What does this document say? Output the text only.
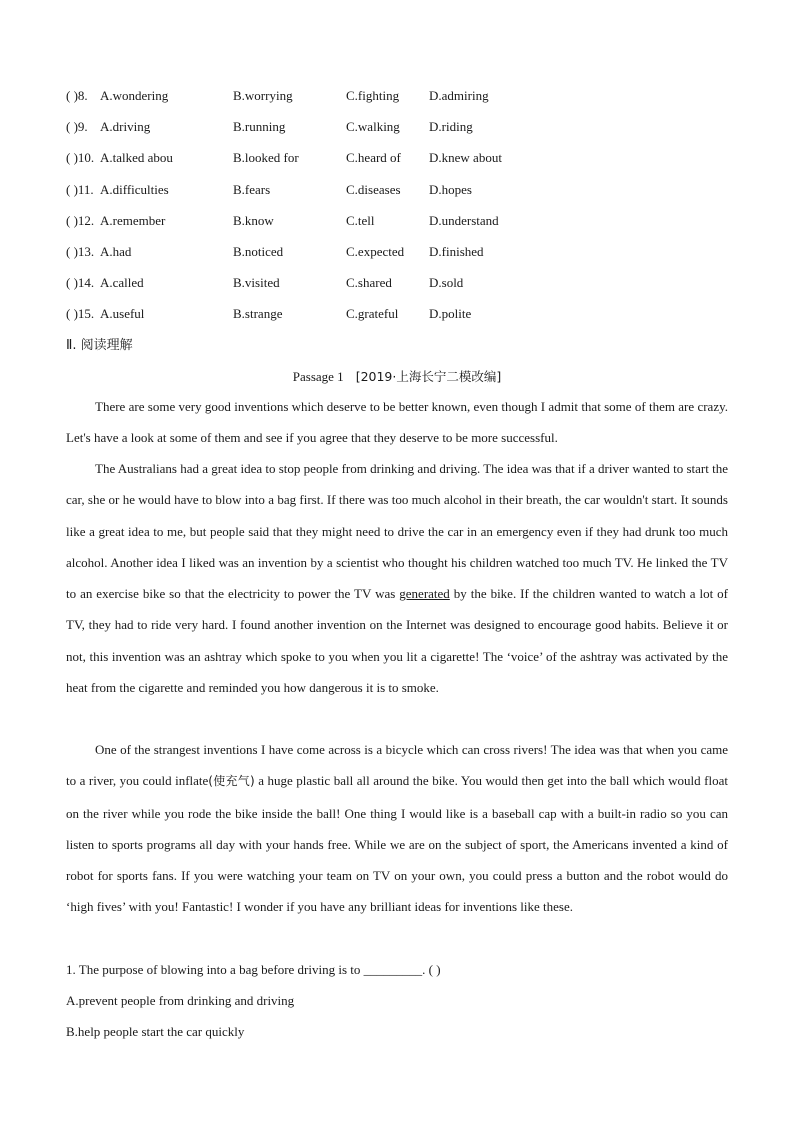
( )8. A.wondering	B.worrying	C.fighting D.admiring
( )9. A.driving	B.running	C.walking D.riding
( )10. A.talked abou	B.looked for	C.heard of D.knew about
( )11. A.difficulties	B.fears	C.diseases D.hopes
( )12. A.remember	B.know	C.tell	D.understand
( )13. A.had	B.noticed	C.expected D.finished
( )14. A.called	B.visited	C.shared	D.sold
( )15. A.useful	B.strange	C.grateful D.polite
Ⅱ. 阅读理解
Passage 1 [2019·上海长宁二模改编]

There are some very good inventions which deserve to be better known, even though I admit that some of them are crazy. Let's have a look at some of them and see if you agree that they deserve to be more successful.

The Australians had a great idea to stop people from drinking and driving. The idea was that if a driver wanted to start the car, she or he would have to blow into a bag first. If there was too much alcohol in their breath, the car wouldn't start. It sounds like a great idea to me, but people said that they might need to drive the car in an emergency even if they had drunk too much alcohol. Another idea I liked was an invention by a scientist who thought his children watched too much TV. He linked the TV to an exercise bike so that the electricity to power the TV was generated by the bike. If the children wanted to watch a lot of TV, they had to ride very hard. I found another invention on the Internet was designed to encourage good habits. Believe it or not, this invention was an ashtray which spoke to you when you lit a cigarette! The ‘voice’ of the ashtray was activated by the heat from the cigarette and reminded you how dangerous it is to smoke.

One of the strangest inventions I have come across is a bicycle which can cross rivers! The idea was that when you came to a river, you could inflate(使充气) a huge plastic ball all around the bike. You would then get into the ball which would float on the river while you rode the bike inside the ball! One thing I would like is a baseball cap with a built-in radio so you can listen to sports programs all day with your hands free. While we are on the subject of sport, the Americans invented a kind of robot for sports fans. If you were watching your team on TV on your own, you could press a button and the robot would do ‘high fives’ with you! Fantastic! I wonder if you have any brilliant ideas for inventions like these.

1. The purpose of blowing into a bag before driving is to _________. ( )
A.prevent people from drinking and driving
B.help people start the car quickly
